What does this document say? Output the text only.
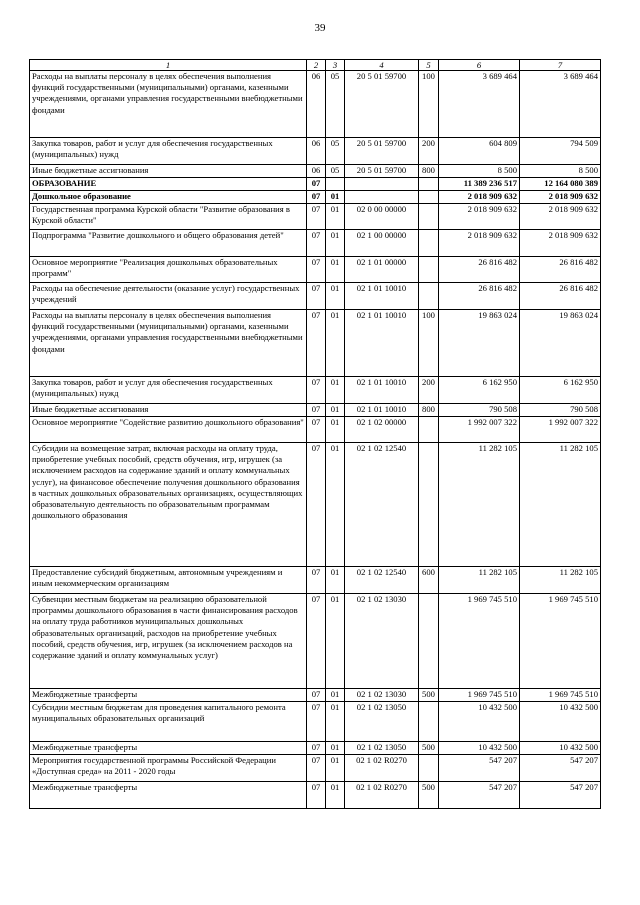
39
1	2	3	4	5	6	7
Расходы на выплаты персоналу в целях обеспечения выполнения функций государственными (муниципальными) органами, казенными учреждениями, органами управления государственными внебюджетными фондами	06	05	20 5 01 59700	100	3 689 464	3 689 464
Закупка товаров, работ и услуг для обеспечения государственных (муниципальных) нужд	06	05	20 5 01 59700	200	604 809	794 509
Иные бюджетные ассигнования	06	05	20 5 01 59700	800	8 500	8 500
ОБРАЗОВАНИЕ	07				11 389 236 517	12 164 080 389
Дошкольное образование	07	01			2 018 909 632	2 018 909 632
Государственная программа Курской области "Развитие образования в Курской области"	07	01	02 0 00 00000		2 018 909 632	2 018 909 632
Подпрограмма "Развитие дошкольного и общего образования детей"	07	01	02 1 00 00000		2 018 909 632	2 018 909 632
Основное мероприятие "Реализация дошкольных образовательных программ"	07	01	02 1 01 00000		26 816 482	26 816 482
Расходы на обеспечение деятельности (оказание услуг) государственных учреждений	07	01	02 1 01 10010		26 816 482	26 816 482
Расходы на выплаты персоналу в целях обеспечения выполнения функций государственными (муниципальными) органами, казенными учреждениями, органами управления государственными внебюджетными фондами	07	01	02 1 01 10010	100	19 863 024	19 863 024
Закупка товаров, работ и услуг для обеспечения государственных (муниципальных) нужд	07	01	02 1 01 10010	200	6 162 950	6 162 950
Иные бюджетные ассигнования	07	01	02 1 01 10010	800	790 508	790 508
Основное мероприятие "Содействие развитию дошкольного образования"	07	01	02 1 02 00000		1 992 007 322	1 992 007 322
Субсидии на возмещение затрат, включая расходы на оплату труда, приобретение учебных пособий, средств обучения, игр, игрушек (за исключением расходов на содержание зданий и оплату коммунальных услуг), на финансовое обеспечение получения дошкольного образования в частных дошкольных образовательных организациях, осуществляющих образовательную деятельность по образовательным программам дошкольного образования	07	01	02 1 02 12540		11 282 105	11 282 105
Предоставление субсидий бюджетным, автономным учреждениям и иным некоммерческим организациям	07	01	02 1 02 12540	600	11 282 105	11 282 105
Субвенции местным бюджетам на реализацию образовательной программы дошкольного образования в части финансирования расходов на оплату труда работников муниципальных дошкольных образовательных организаций, расходов на приобретение учебных пособий, средств обучения, игр, игрушек (за исключением расходов на содержание зданий и оплату коммунальных услуг)	07	01	02 1 02 13030		1 969 745 510	1 969 745 510
Межбюджетные трансферты	07	01	02 1 02 13030	500	1 969 745 510	1 969 745 510
Субсидии местным бюджетам для проведения капитального ремонта муниципальных образовательных организаций	07	01	02 1 02 13050		10 432 500	10 432 500
Межбюджетные трансферты	07	01	02 1 02 13050	500	10 432 500	10 432 500
Мероприятия государственной программы Российской Федерации «Доступная среда» на 2011 - 2020 годы	07	01	02 1 02 R0270		547 207	547 207
Межбюджетные трансферты	07	01	02 1 02 R0270	500	547 207	547 207
